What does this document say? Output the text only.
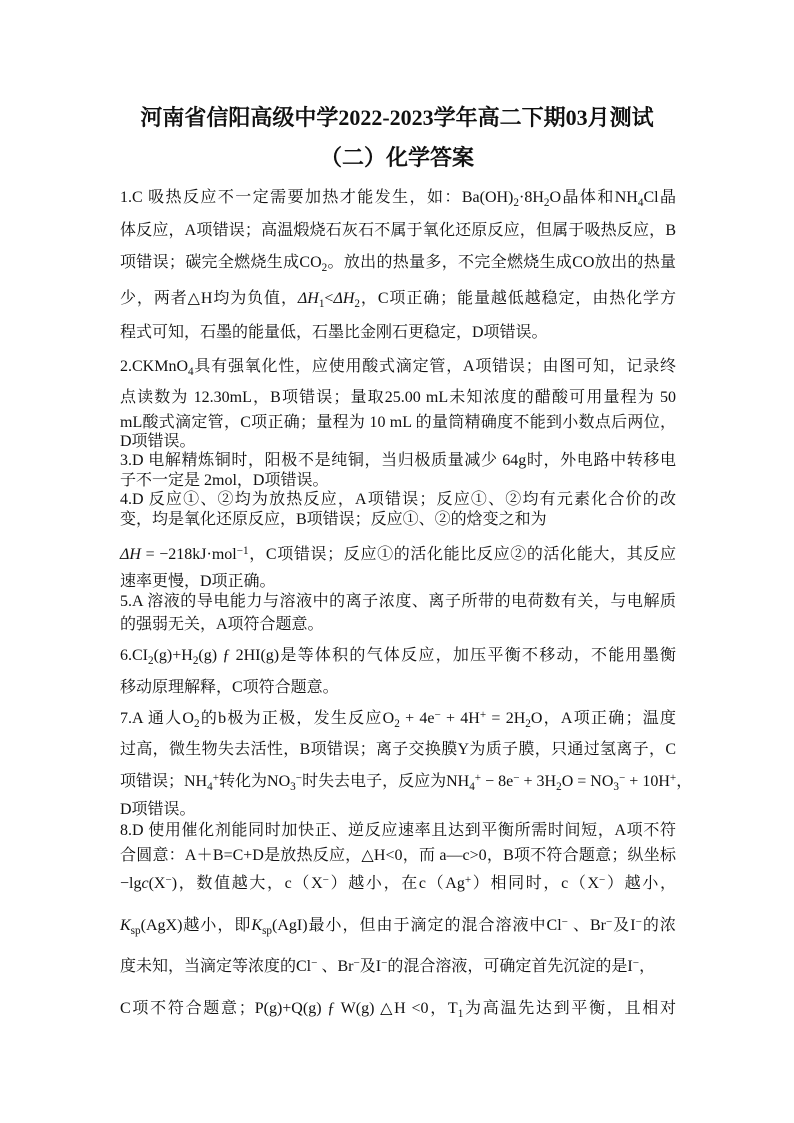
河南省信阳高级中学2022-2023学年高二下期03月测试
（二）化学答案
1.C 吸热反应不一定需要加热才能发生，如：$Ba(OH)_2\cdot 8H_2O$晶体和$NH_4Cl$晶
体反应，A项错误；高温煅烧石灰石不属于氧化还原反应，但属于吸热反应，B
项错误；碳完全燃烧生成$CO_2$。放出的热量多，不完全燃烧生成CO放出的热量
少，两者△H均为负值，$\Delta H_1<\Delta H_2$，C项正确；能量越低越稳定，由热化学方
程式可知，石墨的能量低，石墨比金刚石更稳定，D项错误。
2.CKMnO$_4$具有强氧化性，应使用酸式滴定管，A项错误；由图可知，记录终
点读数为 12.30mL，B项错误；量取25.00 mL未知浓度的醋酸可用量程为 50
mL酸式滴定管，C项正确；量程为 10 mL 的量筒精确度不能到小数点后两位，
D项错误。
3.D 电解精炼铜时，阳极不是纯铜，当归极质量减少 64g时，外电路中转移电
子不一定是 2mol，D项错误。
4.D 反应①、②均为放热反应，A项错误；反应①、②均有元素化合价的改
变，均是氧化还原反应，B项错误；反应①、②的焓变之和为
ΔH = −218kJ·mol$^{-1}$，C项错误；反应①的活化能比反应②的活化能大，其反应
速率更慢，D项正确。
5.A 溶液的导电能力与溶液中的离子浓度、离子所带的电荷数有关，与电解质
的强弱无关，A项符合题意。
$6.CI_2(g)+H_2(g)$ ƒ 2HI(g)是等体积的气体反应，加压平衡不移动，不能用墨衡
移动原理解释，C项符合题意。
7.A 通人$O_2$的b极为正极，发生反应$O_2 + 4e^- + 4H^+ = 2H_2O$，A项正确；温度
过高，微生物失去活性，B项错误；离子交换膜Y为质子膜，只通过氢离子，C
项错误；$NH_4^+$转化为$NO_3^-$时失去电子，反应为$NH_4^+ - 8e^- + 3H_2O = NO_3^- + 10H^+$，
D项错误。
8.D 使用催化剂能同时加快正、逆反应速率且达到平衡所需时间短，A项不符
合圆意：A＋B=C+D是放热反应，△H<0，而 a—c>0，B项不符合题意；纵坐标
−lgc(X−)，数值越大，c（X−）越小，在c（Ag+）相同时，c（X−）越小，
$K_{sp}(AgX)$越小，即$K_{sp}(AgI)$最小，但由于滴定的混合溶液中Cl− 、Br−及I−的浓
度未知，当滴定等浓度的Cl− 、Br−及I−的混合溶液，可确定首先沉淀的是I−，
C项不符合题意；P(g)+Q(g) ƒ W(g) △H <0，$T_1$为高温先达到平衡，且相对
